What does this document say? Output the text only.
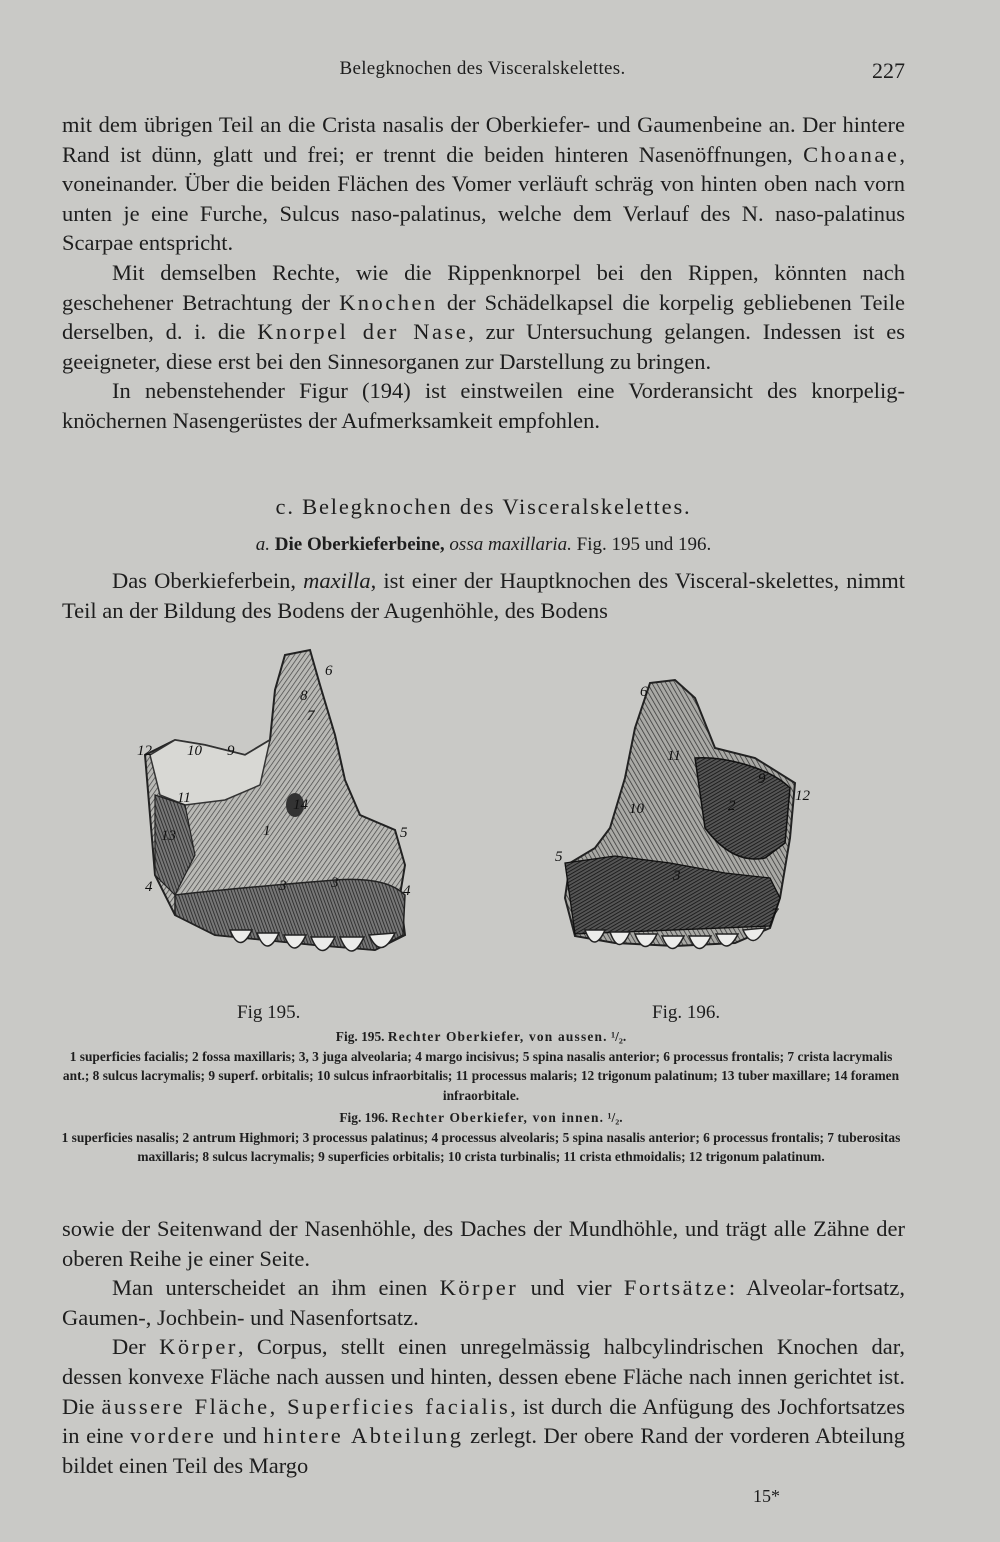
Belegknochen des Visceralskelettes.	227

mit dem übrigen Teil an die Crista nasalis der Oberkiefer- und Gaumenbeine an. Der hintere Rand ist dünn, glatt und frei; er trennt die beiden hinteren Nasenöffnungen, Choanae, voneinander. Über die beiden Flächen des Vomer verläuft schräg von hinten oben nach vorn unten je eine Furche, Sulcus naso-palatinus, welche dem Verlauf des N. naso-palatinus Scarpae entspricht.

Mit demselben Rechte, wie die Rippenknorpel bei den Rippen, könnten nach geschehener Betrachtung der Knochen der Schädelkapsel die korpelig gebliebenen Teile derselben, d. i. die Knorpel der Nase, zur Untersuchung gelangen. Indessen ist es geeigneter, diese erst bei den Sinnesorganen zur Darstellung zu bringen.

In nebenstehender Figur (194) ist einstweilen eine Vorderansicht des knorpelig-knöchernen Nasengerüstes der Aufmerksamkeit empfohlen.

c. Belegknochen des Visceralskelettes.
a. Die Oberkieferbeine, ossa maxillaria. Fig. 195 und 196.

Das Oberkieferbein, maxilla, ist einer der Hauptknochen des Visceral-skelettes, nimmt Teil an der Bildung des Bodens der Augenhöhle, des Bodens

6
8
7
12 10 9
11	14
1	5
13
4	3	3	4
6
11
9
12
10	2
5
3
7
Fig 195.	Fig. 196.
Fig. 195. Rechter Oberkiefer, von aussen. ¹/₂.
1 superficies facialis; 2 fossa maxillaris; 3, 3 juga alveolaria; 4 margo incisivus; 5 spina nasalis anterior; 6 processus frontalis; 7 crista lacrymalis ant.; 8 sulcus lacrymalis; 9 superf. orbitalis; 10 sulcus infraorbitalis; 11 processus malaris; 12 trigonum palatinum; 13 tuber maxillare; 14 foramen infraorbitale.
Fig. 196. Rechter Oberkiefer, von innen. ¹/₂.
1 superficies nasalis; 2 antrum Highmori; 3 processus palatinus; 4 processus alveolaris; 5 spina nasalis anterior; 6 processus frontalis; 7 tuberositas maxillaris; 8 sulcus lacrymalis; 9 superficies orbitalis; 10 crista turbinalis; 11 crista ethmoidalis; 12 trigonum palatinum.

sowie der Seitenwand der Nasenhöhle, des Daches der Mundhöhle, und trägt alle Zähne der oberen Reihe je einer Seite.

Man unterscheidet an ihm einen Körper und vier Fortsätze: Alveolar-fortsatz, Gaumen-, Jochbein- und Nasenfortsatz.

Der Körper, Corpus, stellt einen unregelmässig halbcylindrischen Knochen dar, dessen konvexe Fläche nach aussen und hinten, dessen ebene Fläche nach innen gerichtet ist. Die äussere Fläche, Superficies facialis, ist durch die Anfügung des Jochfortsatzes in eine vordere und hintere Abteilung zerlegt. Der obere Rand der vorderen Abteilung bildet einen Teil des Margo

15*
